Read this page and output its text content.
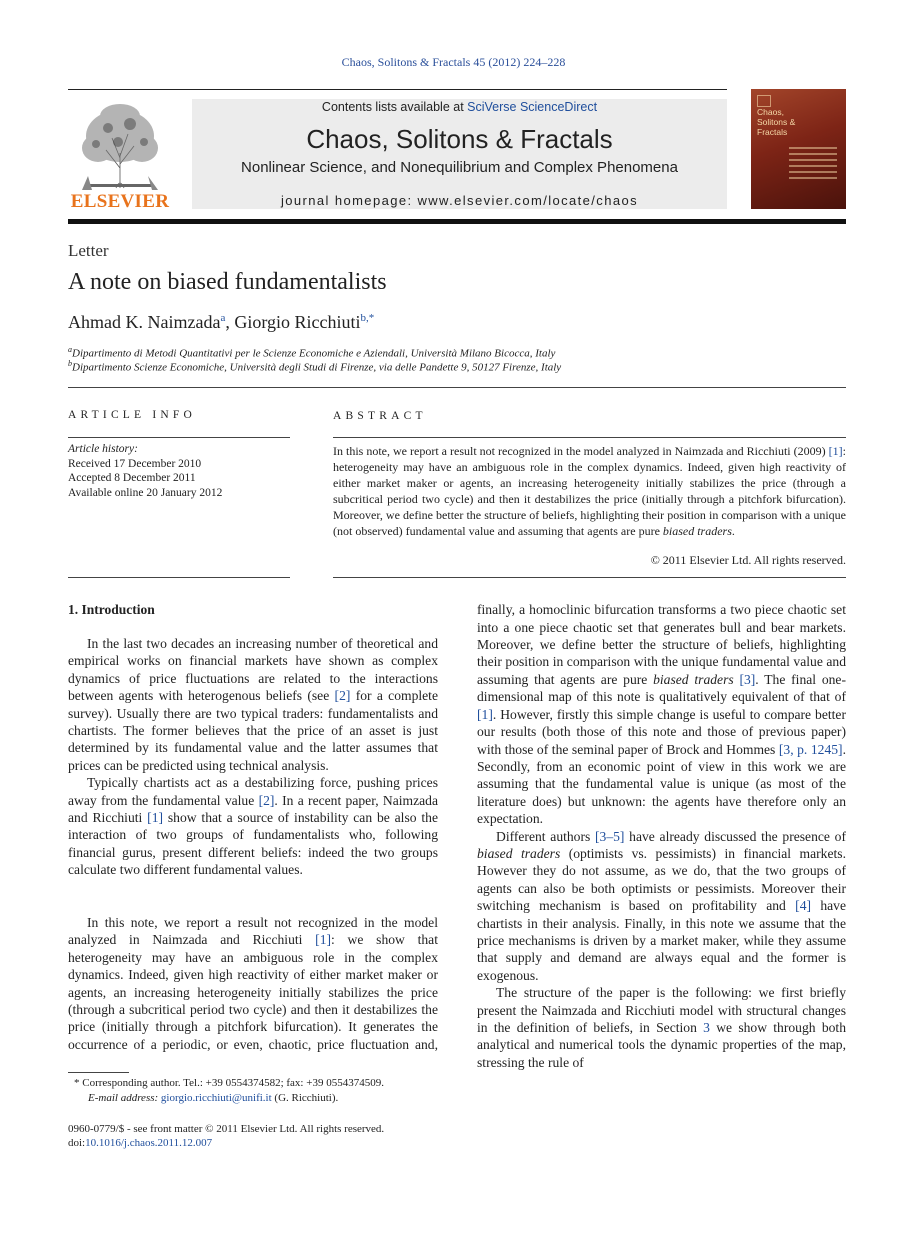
Chaos, Solitons & Fractals 45 (2012) 224–228
ELSEVIER
Contents lists available at SciVerse ScienceDirect
Chaos, Solitons & Fractals
Nonlinear Science, and Nonequilibrium and Complex Phenomena
journal homepage: www.elsevier.com/locate/chaos
Chaos, Solitons & Fractals
Letter
A note on biased fundamentalists
Ahmad K. Naimzada$^a$, Giorgio Ricchiuti$^{b,*}$
$^a$Dipartimento di Metodi Quantitativi per le Scienze Economiche e Aziendali, Università Milano Bicocca, Italy
$^b$Dipartimento Scienze Economiche, Università degli Studi di Firenze, via delle Pandette 9, 50127 Firenze, Italy
ARTICLE INFO
Article history:
Received 17 December 2010
Accepted 8 December 2011
Available online 20 January 2012
ABSTRACT
In this note, we report a result not recognized in the model analyzed in Naimzada and Ricchiuti (2009) [1]: heterogeneity may have an ambiguous role in the complex dynamics. Indeed, given high reactivity of either market maker or agents, an increasing heterogeneity initially stabilizes the price (through a subcritical period two cycle) and then it destabilizes the price (initially through a pitchfork bifurcation). Moreover, we define better the structure of beliefs, highlighting their position in comparison with a unique (not observed) fundamental value and assuming that agents are pure biased traders.
© 2011 Elsevier Ltd. All rights reserved.
1. Introduction

In the last two decades an increasing number of theoretical and empirical works on financial markets have shown as complex dynamics of price fluctuations are related to the interactions between agents with heterogenous beliefs (see [2] for a complete survey). Usually there are two typical traders: fundamentalists and chartists. The former believes that the price of an asset is just determined by its fundamental value and the latter assumes that prices can be predicted using technical analysis.

Typically chartists act as a destabilizing force, pushing prices away from the fundamental value [2]. In a recent paper, Naimzada and Ricchiuti [1] show that a source of instability can be also the interaction of two groups of fundamentalists who, following financial gurus, present different beliefs: indeed the two groups calculate two different fundamental values.

In this note, we report a result not recognized in the model analyzed in Naimzada and Ricchiuti [1]: we show that heterogeneity may have an ambiguous role in the complex dynamics. Indeed, given high reactivity of either market maker or agents, an increasing heterogeneity initially stabilizes the price (through a subcritical period two cycle) and then it destabilizes the price (initially through a pitchfork bifurcation). It generates the occurrence of a periodic, or even, chaotic, price fluctuation and,

finally, a homoclinic bifurcation transforms a two piece chaotic set into a one piece chaotic set that generates bull and bear markets. Moreover, we define better the structure of beliefs, highlighting their position in comparison with the unique fundamental value and assuming that agents are pure biased traders [3]. The final one-dimensional map of this note is qualitatively equivalent of that of [1]. However, firstly this simple change is useful to compare better our results (both those of this note and those of previous paper) with those of the seminal paper of Brock and Hommes [3, p. 1245]. Secondly, from an economic point of view in this work we are assuming that the fundamental value is unique (as most of the literature does) but unknown: the agents have therefore only an expectation.

Different authors [3–5] have already discussed the presence of biased traders (optimists vs. pessimists) in financial markets. However they do not assume, as we do, that the two groups of agents can also be both optimists or pessimists. Moreover their switching mechanism is based on profitability and [4] have chartists in their analysis. Finally, in this note we assume that the price mechanisms is driven by a market maker, while they assume that supply and demand are always equal and the former is exogenous.

The structure of the paper is the following: we first briefly present the Naimzada and Ricchiuti model with structural changes in the definition of beliefs, in Section 3 we show through both analytical and numerical tools the dynamic properties of the map, stressing the rule of

* Corresponding author. Tel.: +39 0554374582; fax: +39 0554374509.
E-mail address: giorgio.ricchiuti@unifi.it (G. Ricchiuti).
0960-0779/$ - see front matter © 2011 Elsevier Ltd. All rights reserved.
doi:10.1016/j.chaos.2011.12.007
